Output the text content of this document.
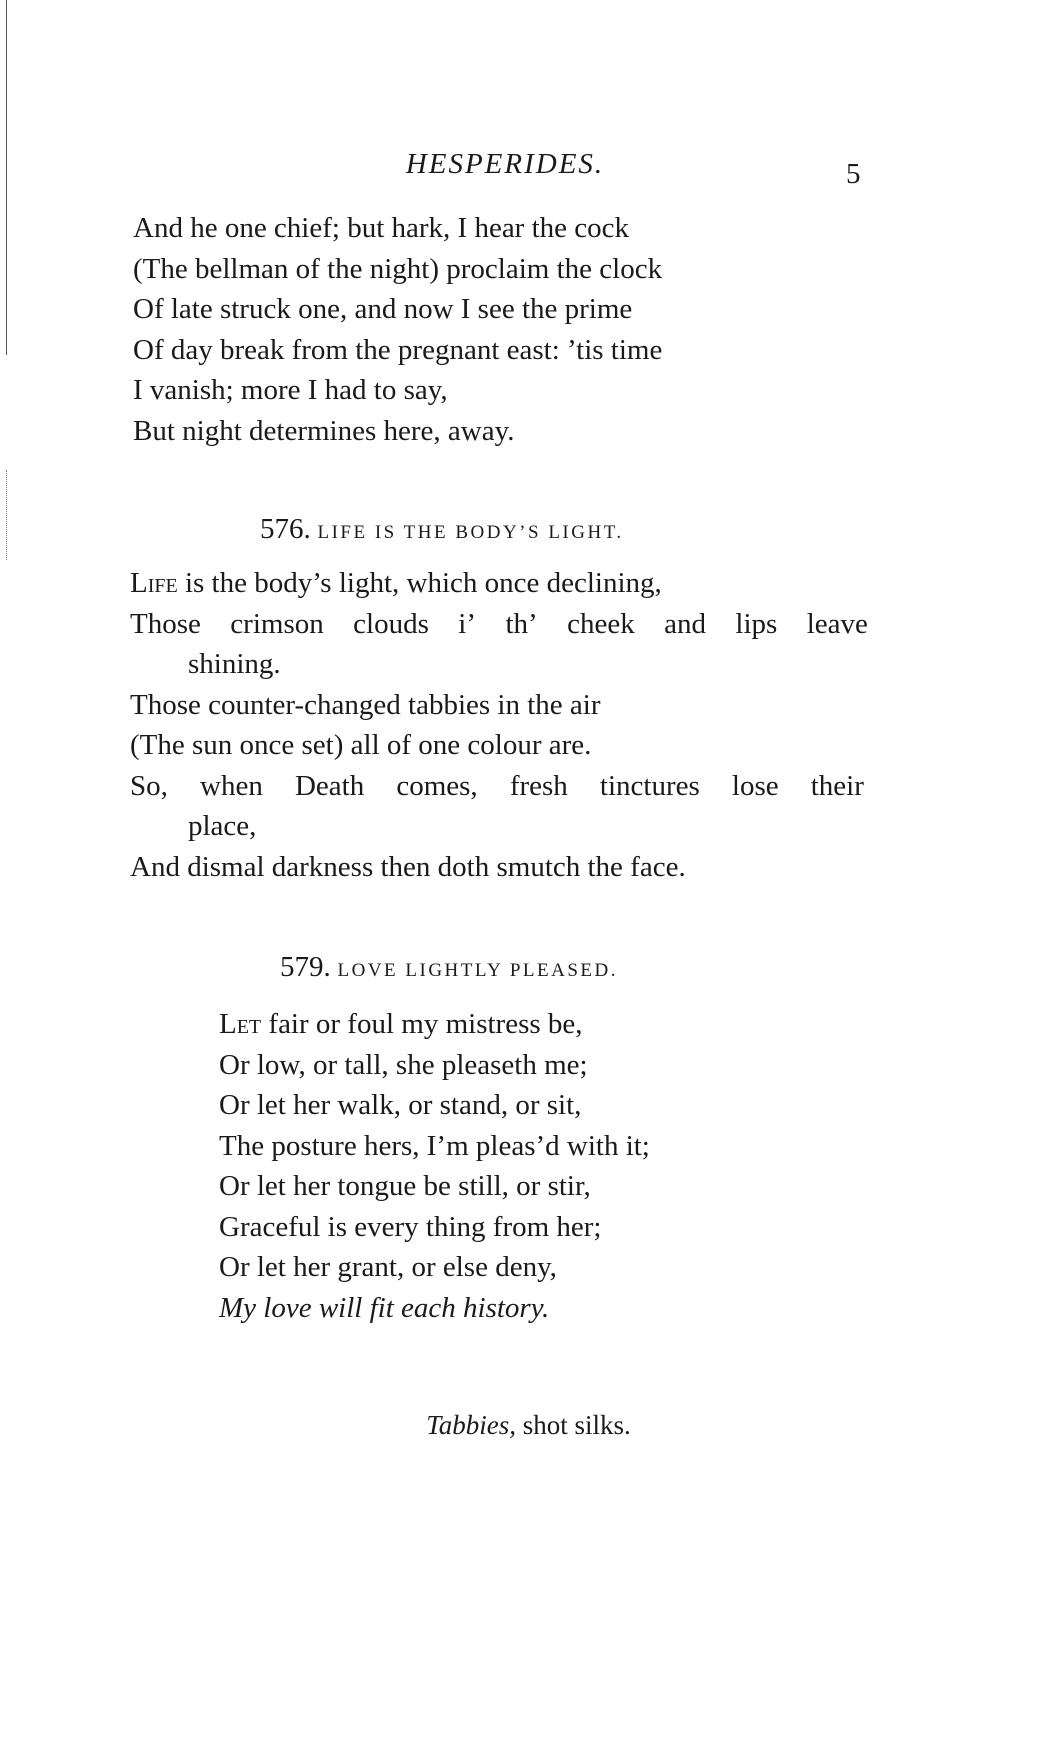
HESPERIDES.	5
And he one chief; but hark, I hear the cock
(The bellman of the night) proclaim the clock
Of late struck one, and now I see the prime
Of day break from the pregnant east: ’tis time
I vanish; more I had to say,
But night determines here, away.
576. LIFE IS THE BODY’S LIGHT.
Life is the body’s light, which once declining,
Those crimson clouds i’ th’ cheek and lips leave
shining.
Those counter-changed tabbies in the air
(The sun once set) all of one colour are.
So, when Death comes, fresh tinctures lose their
place,
And dismal darkness then doth smutch the face.
579. LOVE LIGHTLY PLEASED.
Let fair or foul my mistress be,
Or low, or tall, she pleaseth me;
Or let her walk, or stand, or sit,
The posture hers, I’m pleas’d with it;
Or let her tongue be still, or stir,
Graceful is every thing from her;
Or let her grant, or else deny,
My love will fit each history.
Tabbies, shot silks.
